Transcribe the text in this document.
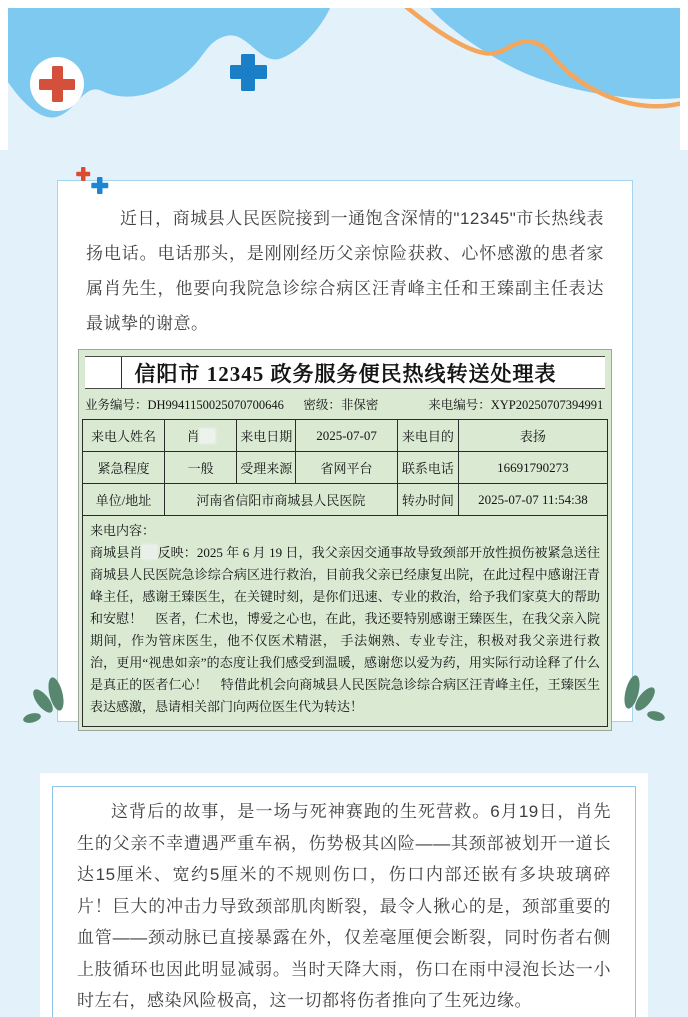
近日，商城县人民医院接到一通饱含深情的"12345"市长热线表扬电话。电话那头，是刚刚经历父亲惊险获救、心怀感激的患者家属肖先生，他要向我院急诊综合病区汪青峰主任和王臻副主任表达最诚挚的谢意。

信阳市 12345 政务服务便民热线转送处理表
业务编号：DH9941150025070700646	密级：非保密	来电编号：XYP20250707394991
来电人姓名	肖	来电日期	2025-07-07	来电目的	表扬
紧急程度	一般	受理来源	省网平台	联系电话	16691790273
单位/地址	河南省信阳市商城县人民医院			转办时间	2025-07-07 11:54:38
来电内容：
商城县肖 反映：2025 年 6 月 19 日，我父亲因交通事故导致颈部开放性损伤被紧急送往商城县人民医院急诊综合病区进行救治，目前我父亲已经康复出院，在此过程中感谢汪青峰主任，感谢王臻医生，在关键时刻，是你们迅速、专业的救治，给予我们家莫大的帮助和安慰！　医者，仁术也，博爱之心也，在此，我还要特别感谢王臻医生，在我父亲入院期间，作为管床医生，他不仅医术精湛， 手法娴熟、专业专注，积极对我父亲进行救治，更用“视患如亲”的态度让我们感受到温暖，感谢您以爱为药，用实际行动诠释了什么是真正的医者仁心！　特借此机会向商城县人民医院急诊综合病区汪青峰主任，王臻医生表达感激，恳请相关部门向两位医生代为转达！

这背后的故事，是一场与死神赛跑的生死营救。6月19日，肖先生的父亲不幸遭遇严重车祸，伤势极其凶险——其颈部被划开一道长达15厘米、宽约5厘米的不规则伤口，伤口内部还嵌有多块玻璃碎片！巨大的冲击力导致颈部肌肉断裂，最令人揪心的是，颈部重要的血管——颈动脉已直接暴露在外，仅差毫厘便会断裂，同时伤者右侧上肢循环也因此明显减弱。当时天降大雨，伤口在雨中浸泡长达一小时左右，感染风险极高，这一切都将伤者推向了生死边缘。
